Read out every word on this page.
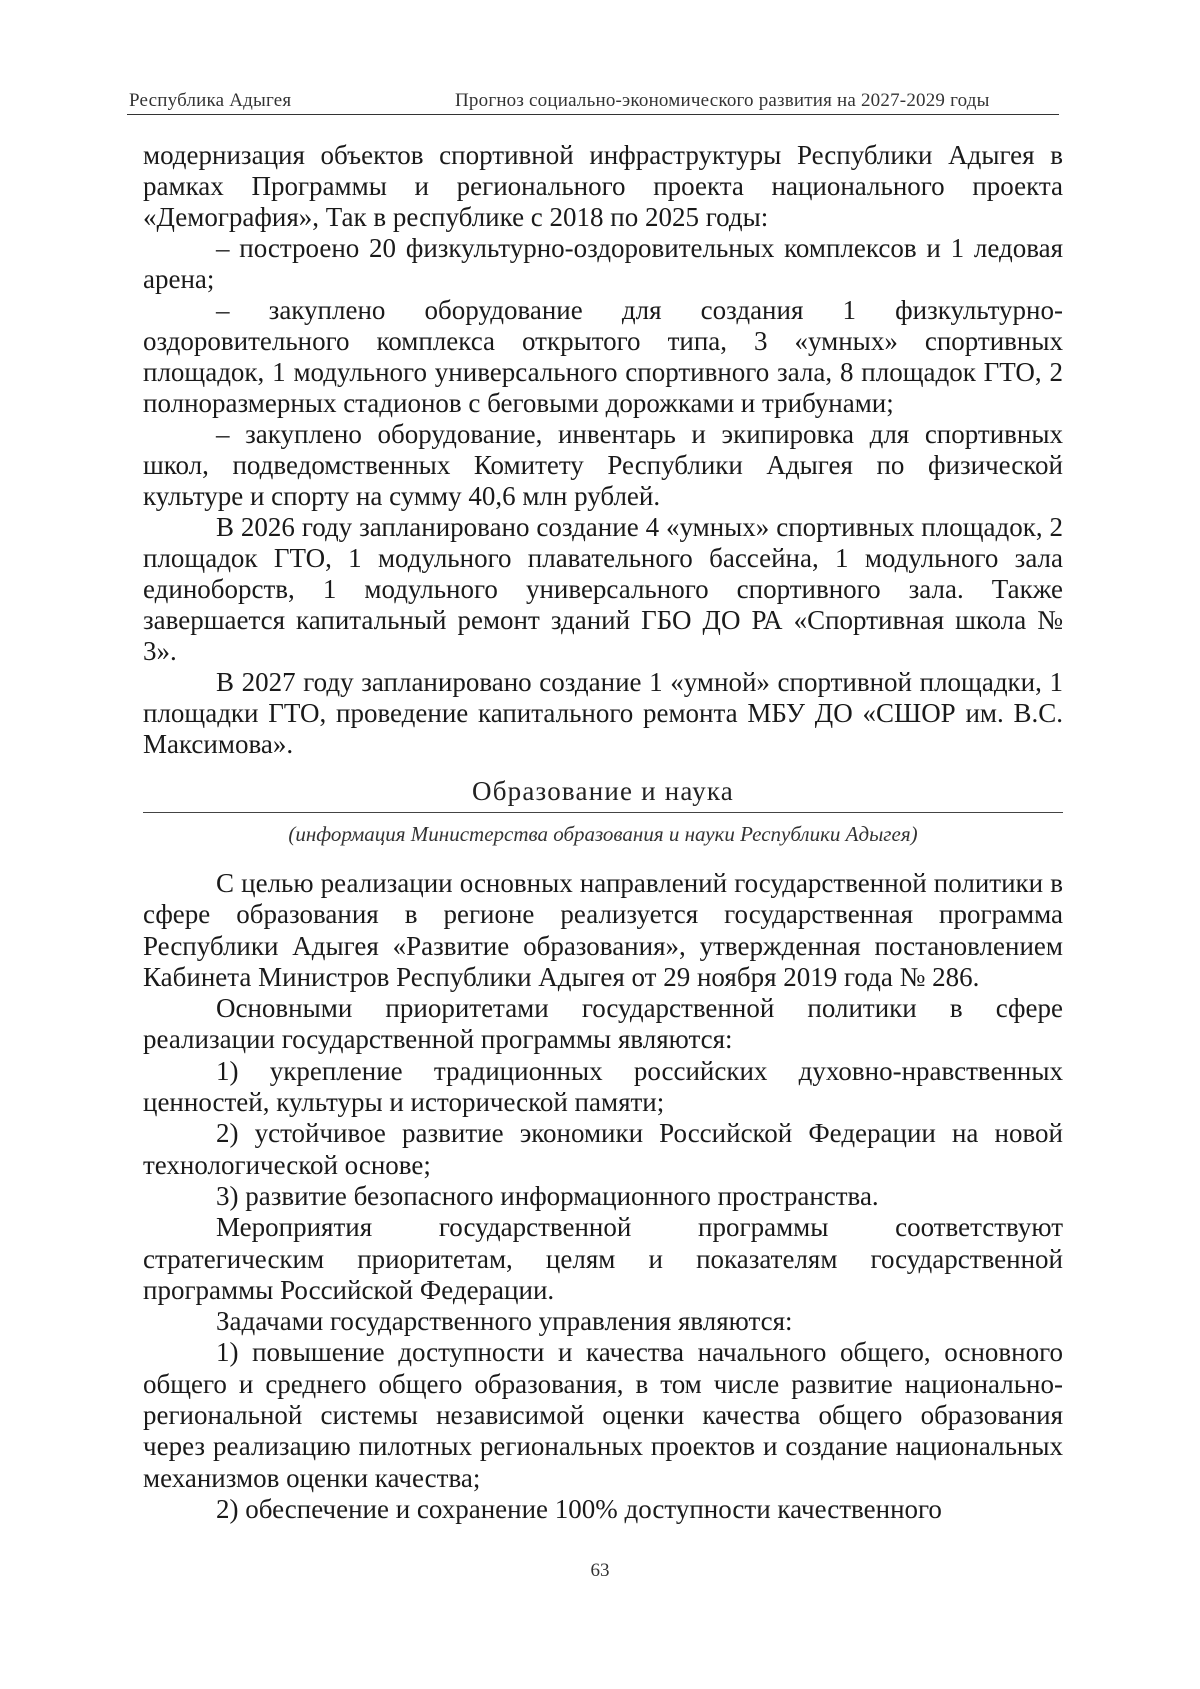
Республика Адыгея	Прогноз социально-экономического развития на 2027-2029 годы

модернизация объектов спортивной инфраструктуры Республики Адыгея в рамках Программы и регионального проекта национального проекта «Демография», Так в республике с 2018 по 2025 годы:

– построено 20 физкультурно-оздоровительных комплексов и 1 ледовая арена;

– закуплено оборудование для создания 1 физкультурно-оздоровительного комплекса открытого типа, 3 «умных» спортивных площадок, 1 модульного универсального спортивного зала, 8 площадок ГТО, 2 полноразмерных стадионов с беговыми дорожками и трибунами;

– закуплено оборудование, инвентарь и экипировка для спортивных школ, подведомственных Комитету Республики Адыгея по физической культуре и спорту на сумму 40,6 млн рублей.

В 2026 году запланировано создание 4 «умных» спортивных площадок, 2 площадок ГТО, 1 модульного плавательного бассейна, 1 модульного зала единоборств, 1 модульного универсального спортивного зала. Также завершается капитальный ремонт зданий ГБО ДО РА «Спортивная школа № 3».

В 2027 году запланировано создание 1 «умной» спортивной площадки, 1 площадки ГТО, проведение капитального ремонта МБУ ДО «СШОР им. В.С. Максимова».

Образование и наука
(информация Министерства образования и науки Республики Адыгея)

С целью реализации основных направлений государственной политики в сфере образования в регионе реализуется государственная программа Республики Адыгея «Развитие образования», утвержденная постановлением Кабинета Министров Республики Адыгея от 29 ноября 2019 года № 286.

Основными приоритетами государственной политики в сфере реализации государственной программы являются:

1) укрепление традиционных российских духовно-нравственных ценностей, культуры и исторической памяти;

2) устойчивое развитие экономики Российской Федерации на новой технологической основе;

3) развитие безопасного информационного пространства.

Мероприятия государственной программы соответствуют стратегическим приоритетам, целям и показателям государственной программы Российской Федерации.

Задачами государственного управления являются:

1) повышение доступности и качества начального общего, основного общего и среднего общего образования, в том числе развитие национально-региональной системы независимой оценки качества общего образования через реализацию пилотных региональных проектов и создание национальных механизмов оценки качества;

2) обеспечение и сохранение 100% доступности качественного

63
